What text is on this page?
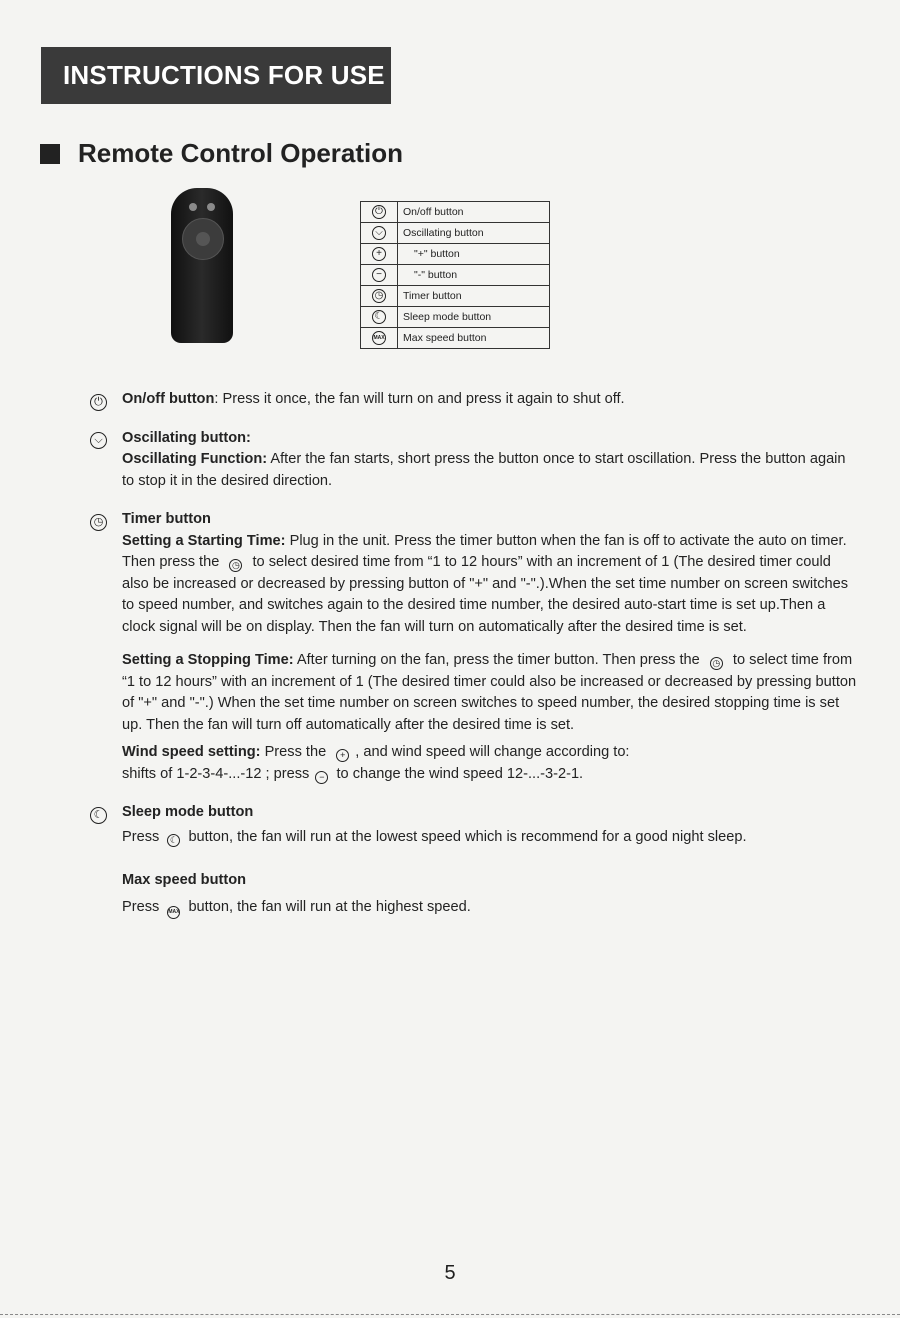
INSTRUCTIONS FOR USE
Remote Control Operation
⏻	On/off button
⌵	Oscillating button
+	"+" button
−	"-" button
◷	Timer button
☾	Sleep mode button
MAX	Max speed button
⏻ On/off button: Press it once, the fan will turn on and press it again to shut off.

⌵ Oscillating button:

Oscillating Function: After the fan starts, short press the button once to start oscillation. Press the button again to stop it in the desired direction.

◷ Timer button

Setting a Starting Time: Plug in the unit. Press the timer button when the fan is off to activate the auto on timer. Then press the ◷ to select desired time from “1 to 12 hours” with an increment of 1 (The desired timer could also be increased or decreased by pressing button of "+" and "-".).When the set time number on screen switches to speed number, and switches again to the desired time number, the desired auto-start time is set up.Then a clock signal will be on display. Then the fan will turn on automatically after the desired time is set.

Setting a Stopping Time: After turning on the fan, press the timer button. Then press the ◷ to select time from “1 to 12 hours” with an increment of 1 (The desired timer could also be increased or decreased by pressing button of "+" and "-".) When the set time number on screen switches to speed number, the desired stopping time is set up. Then the fan will turn off automatically after the desired time is set.

Wind speed setting: Press the	+ , and wind speed will change according to:
shifts of 1-2-3-4-...-12 ; press	− to change the wind speed 12-...-3-2-1.

☾ Sleep mode button

Press ☾ button, the fan will run at the lowest speed which is recommend for a good night sleep.

Max speed button

Press MAX button, the fan will run at the highest speed.

5
